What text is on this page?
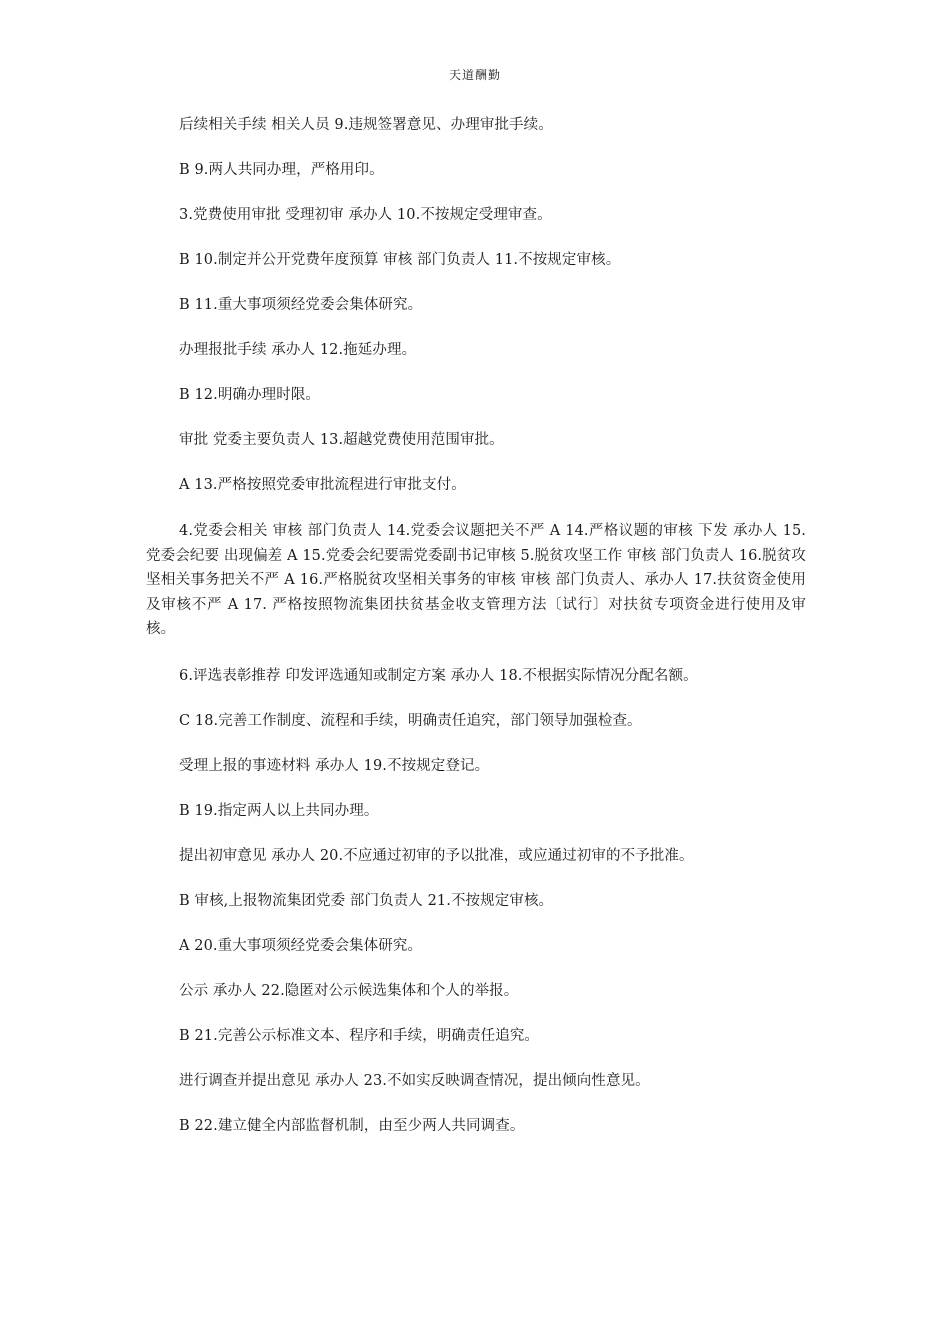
天道酬勤

后续相关手续 相关人员 9.违规签署意见、办理审批手续。

B 9.两人共同办理，严格用印。

3.党费使用审批 受理初审 承办人 10.不按规定受理审查。

B 10.制定并公开党费年度预算 审核 部门负责人 11.不按规定审核。

B 11.重大事项须经党委会集体研究。

办理报批手续 承办人 12.拖延办理。

B 12.明确办理时限。

审批 党委主要负责人 13.超越党费使用范围审批。

A 13.严格按照党委审批流程进行审批支付。

4.党委会相关 审核 部门负责人 14.党委会议题把关不严 A 14.严格议题的审核 下发 承办人 15.党委会纪要 出现偏差 A 15.党委会纪要需党委副书记审核 5.脱贫攻坚工作 审核 部门负责人 16.脱贫攻坚相关事务把关不严 A 16.严格脱贫攻坚相关事务的审核 审核 部门负责人、承办人 17.扶贫资金使用及审核不严 A 17. 严格按照物流集团扶贫基金收支管理方法〔试行〕对扶贫专项资金进行使用及审核。

6.评选表彰推荐 印发评选通知或制定方案 承办人 18.不根据实际情况分配名额。

C 18.完善工作制度、流程和手续，明确责任追究，部门领导加强检查。

受理上报的事迹材料 承办人 19.不按规定登记。

B 19.指定两人以上共同办理。

提出初审意见 承办人 20.不应通过初审的予以批准，或应通过初审的不予批准。

B 审核,上报物流集团党委 部门负责人 21.不按规定审核。

A 20.重大事项须经党委会集体研究。

公示 承办人 22.隐匿对公示候选集体和个人的举报。

B 21.完善公示标准文本、程序和手续，明确责任追究。

进行调查并提出意见 承办人 23.不如实反映调查情况，提出倾向性意见。

B 22.建立健全内部监督机制，由至少两人共同调查。
